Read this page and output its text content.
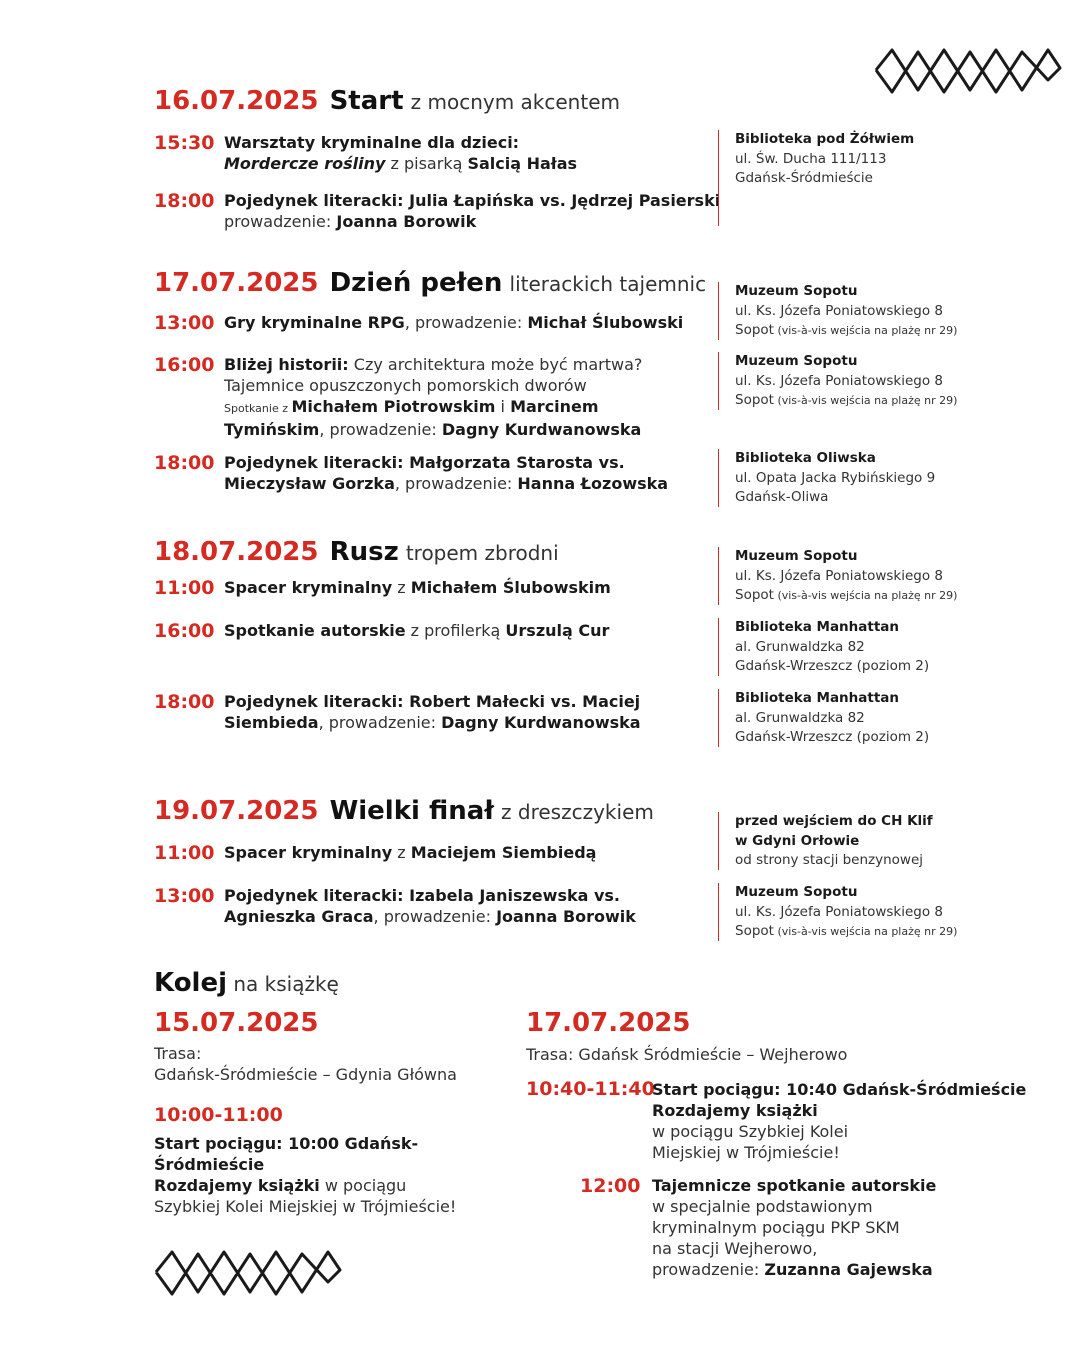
16.07.2025 Start z mocnym akcentem
15:30 Warsztaty kryminalne dla dzieci:
Mordercze rośliny z pisarką Salcią Hałas
18:00 Pojedynek literacki: Julia Łapińska vs. Jędrzej Pasierski
prowadzenie: Joanna Borowik
Biblioteka pod Żółwiem
ul. Św. Ducha 111/113
Gdańsk-Śródmieście
17.07.2025 Dzień pełen literackich tajemnic
13:00 Gry kryminalne RPG, prowadzenie: Michał Ślubowski
16:00 Bliżej historii: Czy architektura może być martwa?
Tajemnice opuszczonych pomorskich dworów
Spotkanie z Michałem Piotrowskim i Marcinem
Tymińskim, prowadzenie: Dagny Kurdwanowska
18:00 Pojedynek literacki: Małgorzata Starosta vs.
Mieczysław Gorzka, prowadzenie: Hanna Łozowska
Muzeum Sopotu
ul. Ks. Józefa Poniatowskiego 8
Sopot (vis-à-vis wejścia na plażę nr 29)
Muzeum Sopotu
ul. Ks. Józefa Poniatowskiego 8
Sopot (vis-à-vis wejścia na plażę nr 29)
Biblioteka Oliwska
ul. Opata Jacka Rybińskiego 9
Gdańsk-Oliwa
18.07.2025 Rusz tropem zbrodni
11:00 Spacer kryminalny z Michałem Ślubowskim
16:00 Spotkanie autorskie z profilerką Urszulą Cur
18:00 Pojedynek literacki: Robert Małecki vs. Maciej
Siembieda, prowadzenie: Dagny Kurdwanowska
Muzeum Sopotu
ul. Ks. Józefa Poniatowskiego 8
Sopot (vis-à-vis wejścia na plażę nr 29)
Biblioteka Manhattan
al. Grunwaldzka 82
Gdańsk-Wrzeszcz (poziom 2)
Biblioteka Manhattan
al. Grunwaldzka 82
Gdańsk-Wrzeszcz (poziom 2)
19.07.2025 Wielki finał z dreszczykiem
11:00 Spacer kryminalny z Maciejem Siembiedą
13:00 Pojedynek literacki: Izabela Janiszewska vs.
Agnieszka Graca, prowadzenie: Joanna Borowik
przed wejściem do CH Klif
w Gdyni Orłowie
od strony stacji benzynowej
Muzeum Sopotu
ul. Ks. Józefa Poniatowskiego 8
Sopot (vis-à-vis wejścia na plażę nr 29)
Kolej na książkę
15.07.2025
Trasa:
Gdańsk-Śródmieście – Gdynia Główna
10:00-11:00
Start pociągu: 10:00 Gdańsk-Śródmieście
Rozdajemy książki w pociągu
Szybkiej Kolei Miejskiej w Trójmieście!
17.07.2025
Trasa: Gdańsk Śródmieście – Wejherowo
10:40-11:40
Start pociągu: 10:40 Gdańsk-Śródmieście
Rozdajemy książki
w pociągu Szybkiej Kolei
Miejskiej w Trójmieście!
12:00 Tajemnicze spotkanie autorskie
w specjalnie podstawionym
kryminalnym pociągu PKP SKM
na stacji Wejherowo,
prowadzenie: Zuzanna Gajewska
